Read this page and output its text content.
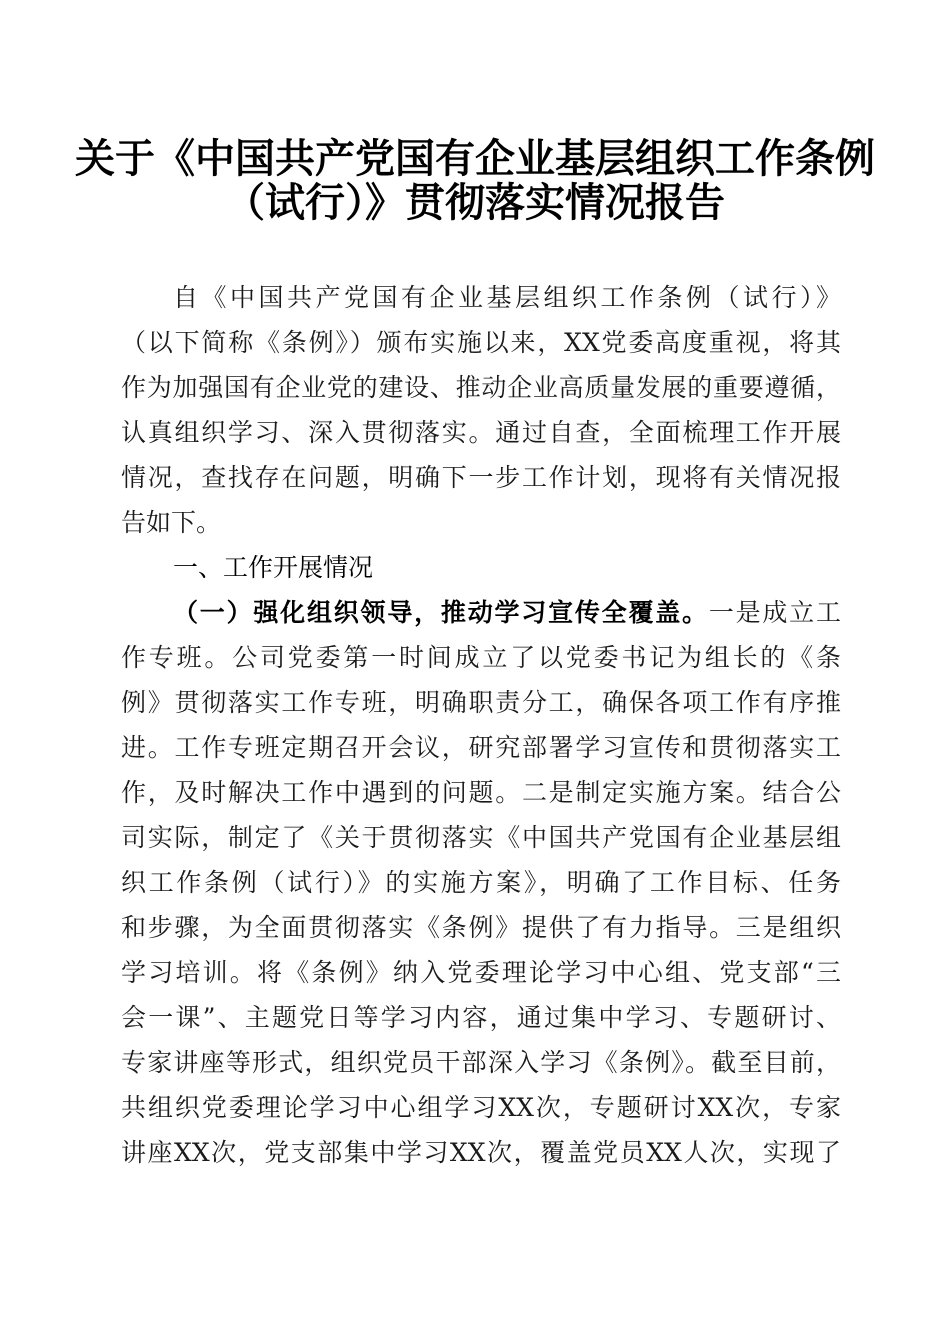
关于《中国共产党国有企业基层组织工作条例
（试行）》贯彻落实情况报告
自《中国共产党国有企业基层组织工作条例（试行）》
（以下简称《条例》）颁布实施以来，XX党委高度重视，将其
作为加强国有企业党的建设、推动企业高质量发展的重要遵循，
认真组织学习、深入贯彻落实。通过自查，全面梳理工作开展
情况，查找存在问题，明确下一步工作计划，现将有关情况报
告如下。
一、工作开展情况
（一）强化组织领导，推动学习宣传全覆盖。一是成立工
作专班。公司党委第一时间成立了以党委书记为组长的《条
例》贯彻落实工作专班，明确职责分工，确保各项工作有序推
进。工作专班定期召开会议，研究部署学习宣传和贯彻落实工
作，及时解决工作中遇到的问题。二是制定实施方案。结合公
司实际，制定了《关于贯彻落实《中国共产党国有企业基层组
织工作条例（试行）》的实施方案》，明确了工作目标、任务
和步骤，为全面贯彻落实《条例》提供了有力指导。三是组织
学习培训。将《条例》纳入党委理论学习中心组、党支部“三
会一课”、主题党日等学习内容，通过集中学习、专题研讨、
专家讲座等形式，组织党员干部深入学习《条例》。截至目前，
共组织党委理论学习中心组学习XX次，专题研讨XX次，专家
讲座XX次，党支部集中学习XX次，覆盖党员XX人次，实现了
